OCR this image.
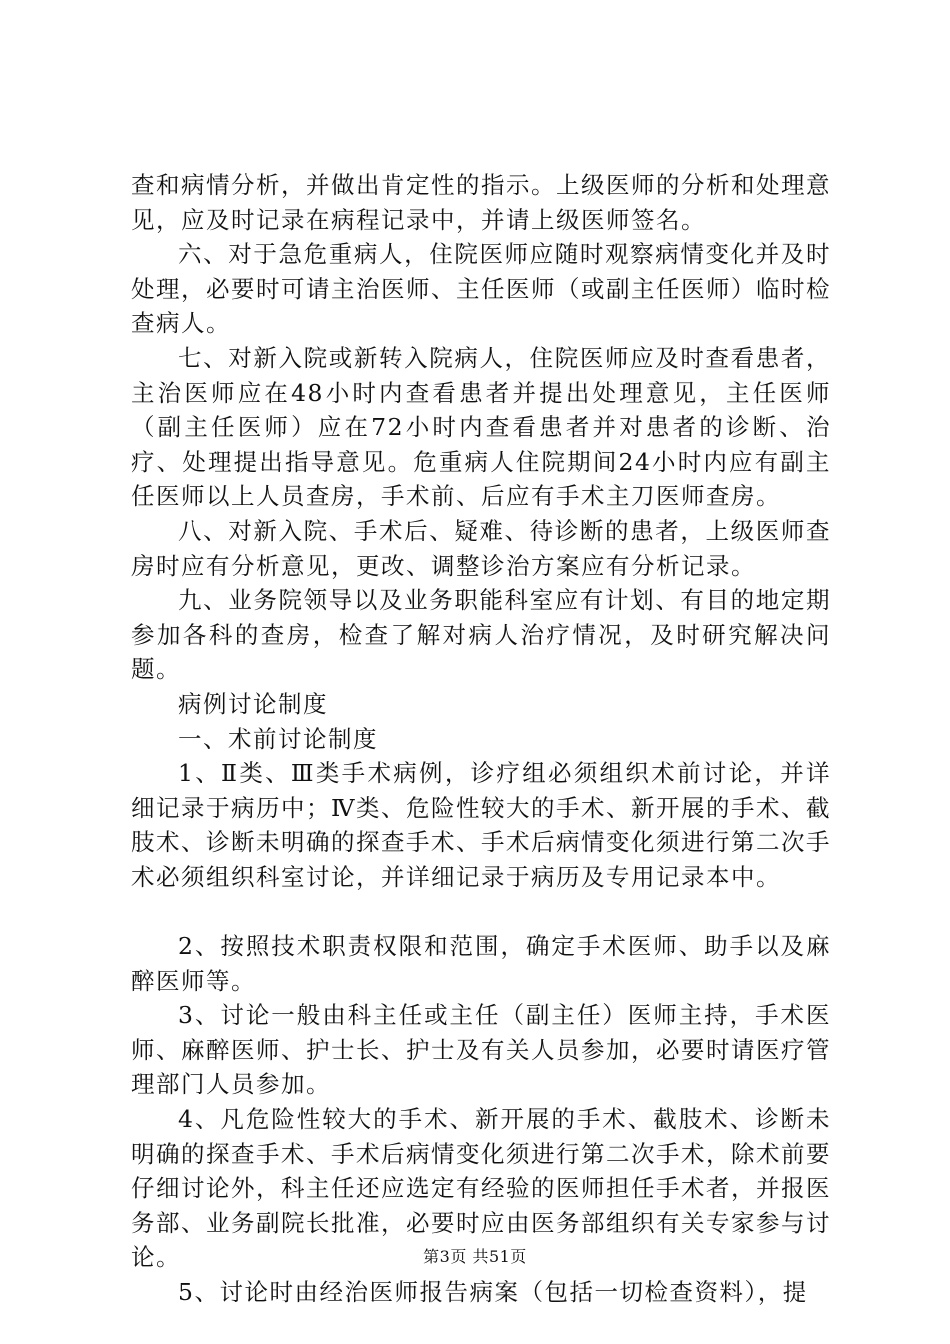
查和病情分析，并做出肯定性的指示。上级医师的分析和处理意见，应及时记录在病程记录中，并请上级医师签名。

六、对于急危重病人，住院医师应随时观察病情变化并及时处理，必要时可请主治医师、主任医师（或副主任医师）临时检查病人。

七、对新入院或新转入院病人，住院医师应及时查看患者，主治医师应在48小时内查看患者并提出处理意见，主任医师（副主任医师）应在72小时内查看患者并对患者的诊断、治疗、处理提出指导意见。危重病人住院期间24小时内应有副主任医师以上人员查房，手术前、后应有手术主刀医师查房。

八、对新入院、手术后、疑难、待诊断的患者，上级医师查房时应有分析意见，更改、调整诊治方案应有分析记录。

九、业务院领导以及业务职能科室应有计划、有目的地定期参加各科的查房，检查了解对病人治疗情况，及时研究解决问题。

病例讨论制度

一、术前讨论制度

1、Ⅱ类、Ⅲ类手术病例，诊疗组必须组织术前讨论，并详细记录于病历中；Ⅳ类、危险性较大的手术、新开展的手术、截肢术、诊断未明确的探查手术、手术后病情变化须进行第二次手术必须组织科室讨论，并详细记录于病历及专用记录本中。

2、按照技术职责权限和范围，确定手术医师、助手以及麻醉医师等。

3、讨论一般由科主任或主任（副主任）医师主持，手术医师、麻醉医师、护士长、护士及有关人员参加，必要时请医疗管理部门人员参加。

4、凡危险性较大的手术、新开展的手术、截肢术、诊断未明确的探查手术、手术后病情变化须进行第二次手术，除术前要仔细讨论外，科主任还应选定有经验的医师担任手术者，并报医务部、业务副院长批准，必要时应由医务部组织有关专家参与讨论。

5、讨论时由经治医师报告病案（包括一切检查资料），提

第3页 共51页
